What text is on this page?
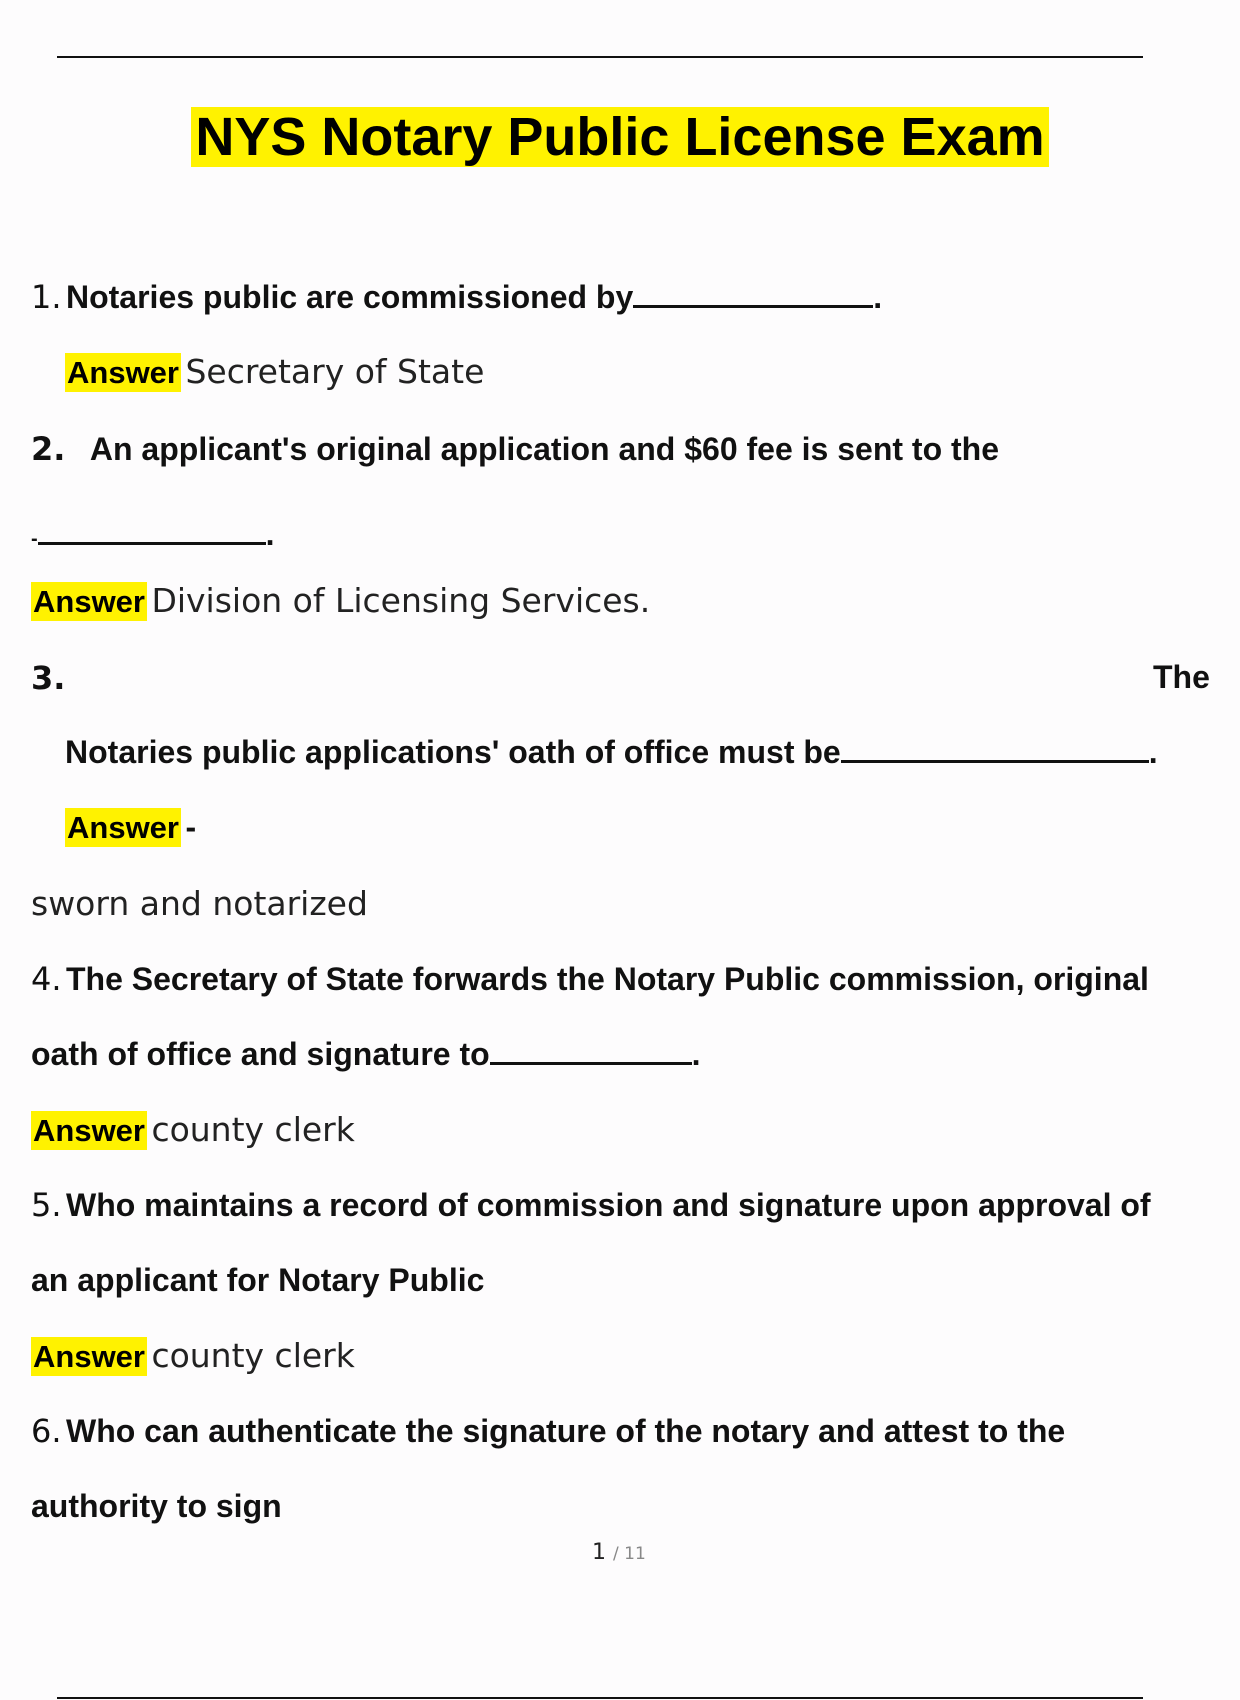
NYS Notary Public License Exam
1. Notaries public are commissioned by	.
Answer Secretary of State
2. An applicant's original application and $60 fee is sent to the
-	.
Answer Division of Licensing Services.
3.	The
Notaries public applications' oath of office must be	.
Answer -
sworn and notarized
4. The Secretary of State forwards the Notary Public commission, original
oath of office and signature to	.
Answer county clerk
5. Who maintains a record of commission and signature upon approval of
an applicant for Notary Public
Answer county clerk
6. Who can authenticate the signature of the notary and attest to the
authority to sign
1 / 11
